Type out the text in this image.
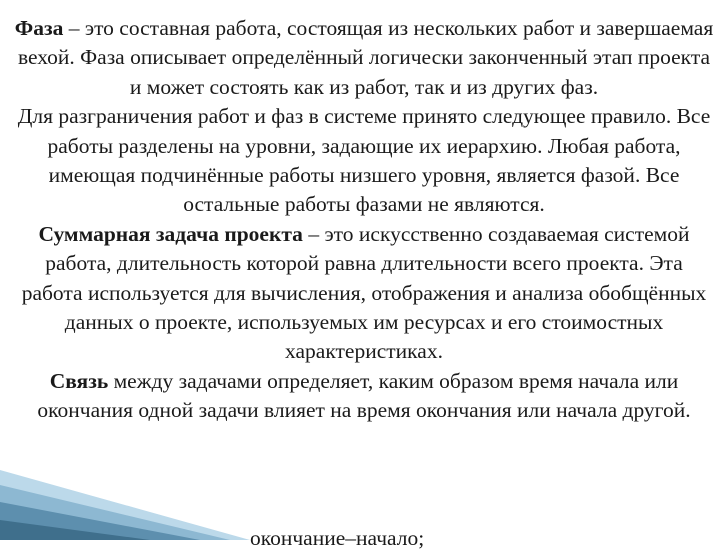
Фаза – это составная работа, состоящая из нескольких работ и завершаемая вехой. Фаза описывает определённый логически законченный этап проекта и может состоять как из работ, так и из других фаз.

Для разграничения работ и фаз в системе принято следующее правило. Все работы разделены на уровни, задающие их иерархию. Любая работа, имеющая подчинённые работы низшего уровня, является фазой. Все остальные работы фазами не являются.

Суммарная задача проекта – это искусственно создаваемая системой работа, длительность которой равна длительности всего проекта. Эта работа используется для вычисления, отображения и анализа обобщённых данных о проекте, используемых им ресурсах и его стоимостных характеристиках.

Связь между задачами определяет, каким образом время начала или окончания одной задачи влияет на время окончания или начала другой.

окончание–начало;
